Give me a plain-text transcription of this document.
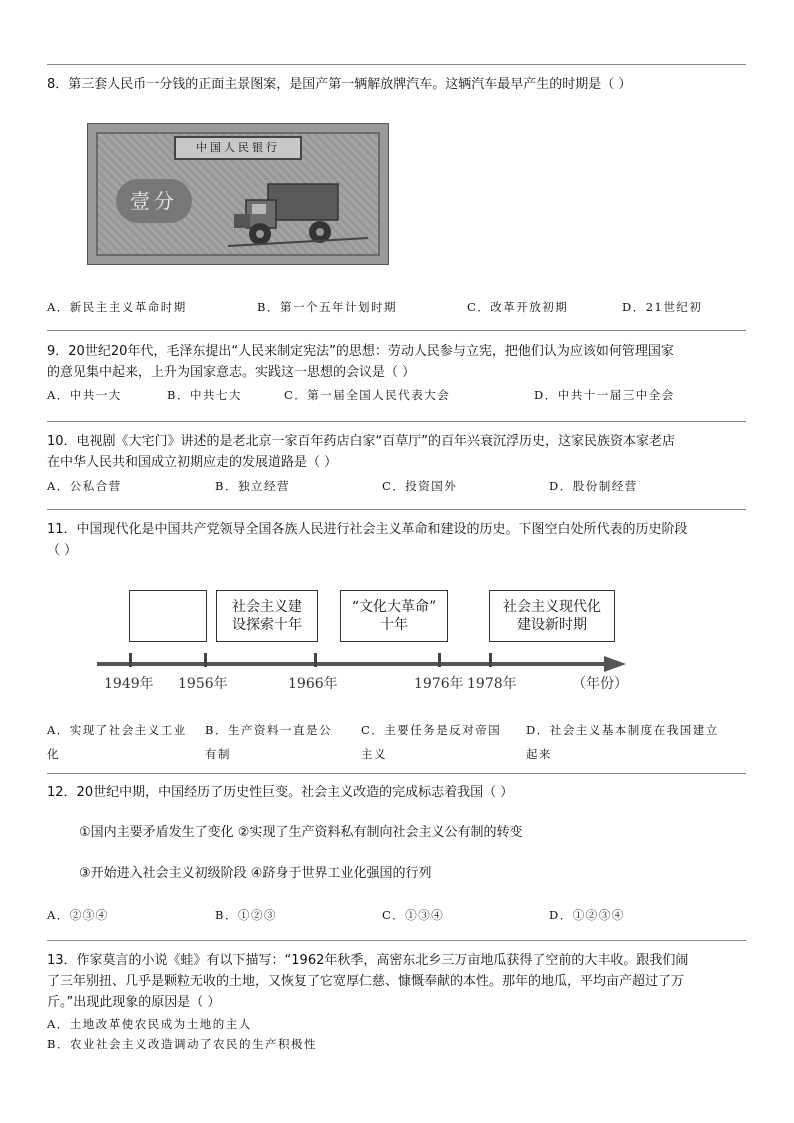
8．第三套人民币一分钱的正面主景图案，是国产第一辆解放牌汽车。这辆汽车最早产生的时期是（ ）
中国人民银行
壹分
A．新民主主义革命时期	B．第一个五年计划时期	C．改革开放初期	D．21世纪初
9．20世纪20年代，毛泽东提出“人民来制定宪法”的思想：劳动人民参与立宪，把他们认为应该如何管理国家
的意见集中起来，上升为国家意志。实践这一思想的会议是（ ）
A．中共一大	B．中共七大	C．第一届全国人民代表大会	D．中共十一届三中全会
10．电视剧《大宅门》讲述的是老北京一家百年药店白家“百草厅”的百年兴衰沉浮历史，这家民族资本家老店
在中华人民共和国成立初期应走的发展道路是（ ）
A．公私合营	B．独立经营	C．投资国外	D．股份制经营
11．中国现代化是中国共产党领导全国各族人民进行社会主义革命和建设的历史。下图空白处所代表的历史阶段
（ ）
社会主义建
设探索十年
“文化大革命”
十年
社会主义现代化
建设新时期
1949年 1956年	1966年	1976年 1978年	（年份）
A．实现了社会主义工业
化
B．生产资料一直是公
有制
C．主要任务是反对帝国
主义
D．社会主义基本制度在我国建立
起来
12．20世纪中期，中国经历了历史性巨变。社会主义改造的完成标志着我国（ ）
①国内主要矛盾发生了变化 ②实现了生产资料私有制向社会主义公有制的转变
③开始进入社会主义初级阶段 ④跻身于世界工业化强国的行列
A．②③④	B．①②③	C．①③④	D．①②③④
13．作家莫言的小说《蛙》有以下描写：“1962年秋季，高密东北乡三万亩地瓜获得了空前的大丰收。跟我们闹
了三年别扭、几乎是颗粒无收的土地，又恢复了它宽厚仁慈、慷慨奉献的本性。那年的地瓜，平均亩产超过了万
斤。”出现此现象的原因是（ ）
A．土地改革使农民成为土地的主人
B．农业社会主义改造调动了农民的生产积极性
